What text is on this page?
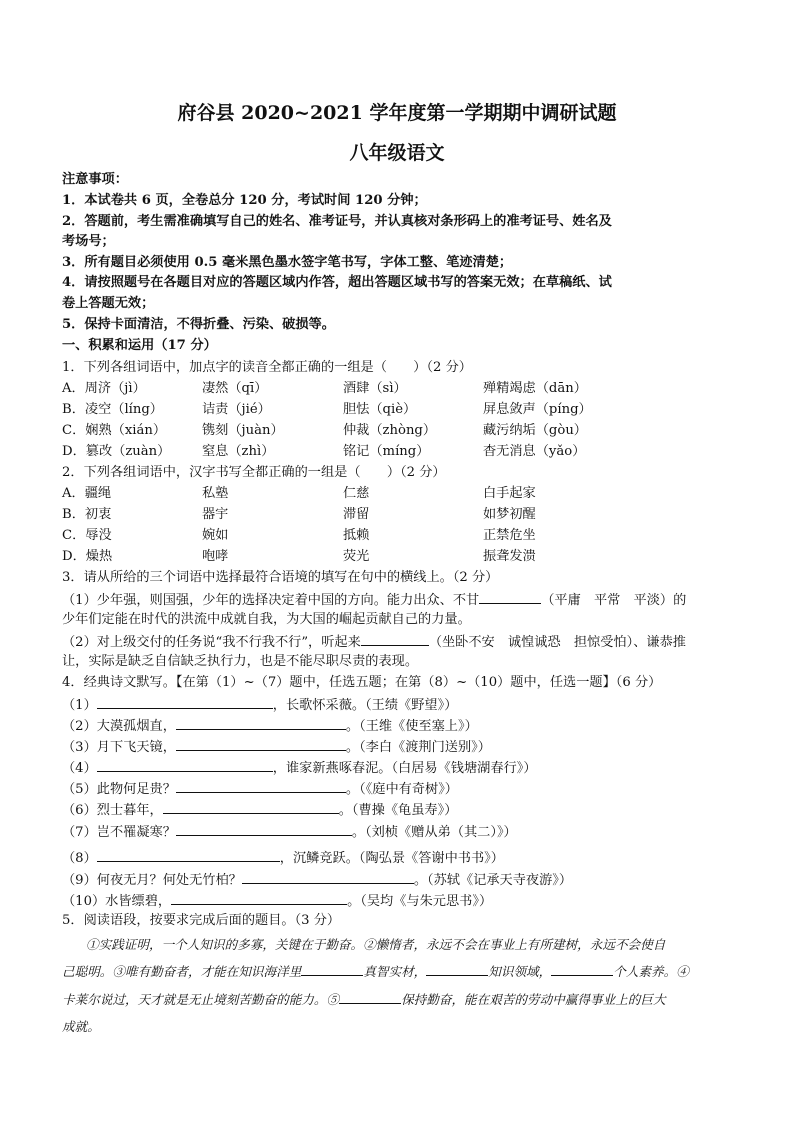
府谷县 2020~2021 学年度第一学期期中调研试题
八年级语文
注意事项：
1．本试卷共 6 页，全卷总分 120 分，考试时间 120 分钟；
2．答题前，考生需准确填写自己的姓名、准考证号，并认真核对条形码上的准考证号、姓名及
考场号；
3．所有题目必须使用 0.5 毫米黑色墨水签字笔书写，字体工整、笔迹清楚；
4．请按照题号在各题目对应的答题区域内作答，超出答题区域书写的答案无效；在草稿纸、试
卷上答题无效；
5．保持卡面清洁，不得折叠、污染、破损等。
一、积累和运用（17 分）
1．下列各组词语中，加点字的读音全都正确的一组是（　　）（2 分）
A．周济（jì）	凄然（qī）	酒肆（sì）	殚精竭虑（dān）
B．凌空（líng）	诘责（jié）	胆怯（qiè）	屏息敛声（píng）
C．娴熟（xián）	镌刻（juàn）	仲裁（zhòng）	藏污纳垢（gòu）
D．篡改（zuàn） 窒息（zhì）	铭记（míng）	杳无消息（yǎo）
2．下列各组词语中，汉字书写全都正确的一组是（　　）（2 分）
A．疆绳	私塾	仁慈	白手起家
B．初衷	器宇	滞留	如梦初醒
C．辱没	婉如	抵赖	正禁危坐
D．燥热	咆哮	荧光	振聋发溃
3．请从所给的三个词语中选择最符合语境的填写在句中的横线上。（2 分）
（1）少年强，则国强，少年的选择决定着中国的方向。能力出众、不甘	（平庸　平常　平淡）的
少年们定能在时代的洪流中成就自我，为大国的崛起贡献自己的力量。
（2）对上级交付的任务说“我不行我不行”，听起来	（坐卧不安　诚惶诚恐　担惊受怕）、谦恭推
让，实际是缺乏自信缺乏执行力，也是不能尽职尽责的表现。
4．经典诗文默写。【在第（1）~（7）题中，任选五题；在第（8）~（10）题中，任选一题】（6 分）
（1）	，长歌怀采薇。（王绩《野望》）
（2）大漠孤烟直，	。（王维《使至塞上》）
（3）月下飞天镜，	。（李白《渡荆门送别》）
（4）	，谁家新燕啄春泥。（白居易《钱塘湖春行》）
（5）此物何足贵？	。（《庭中有奇树》）
（6）烈士暮年，	。（曹操《龟虽寿》）
（7）岂不罹凝寒？	。（刘桢《赠从弟（其二）》）
（8）	，沉鳞竞跃。（陶弘景《答谢中书书》）
（9）何夜无月？何处无竹柏？	。（苏轼《记承天寺夜游》）
（10）水皆缥碧，	。（吴均《与朱元思书》）
5．阅读语段，按要求完成后面的题目。（3 分）
①实践证明，一个人知识的多寡，关键在于勤奋。②懒惰者，永远不会在事业上有所建树，永远不会使自
己聪明。③唯有勤奋者，才能在知识海洋里	真智实材，	知识领域，	个人素养。④
卡莱尔说过，天才就是无止境刻苦勤奋的能力。⑤	保持勤奋，能在艰苦的劳动中赢得事业上的巨大
成就。
